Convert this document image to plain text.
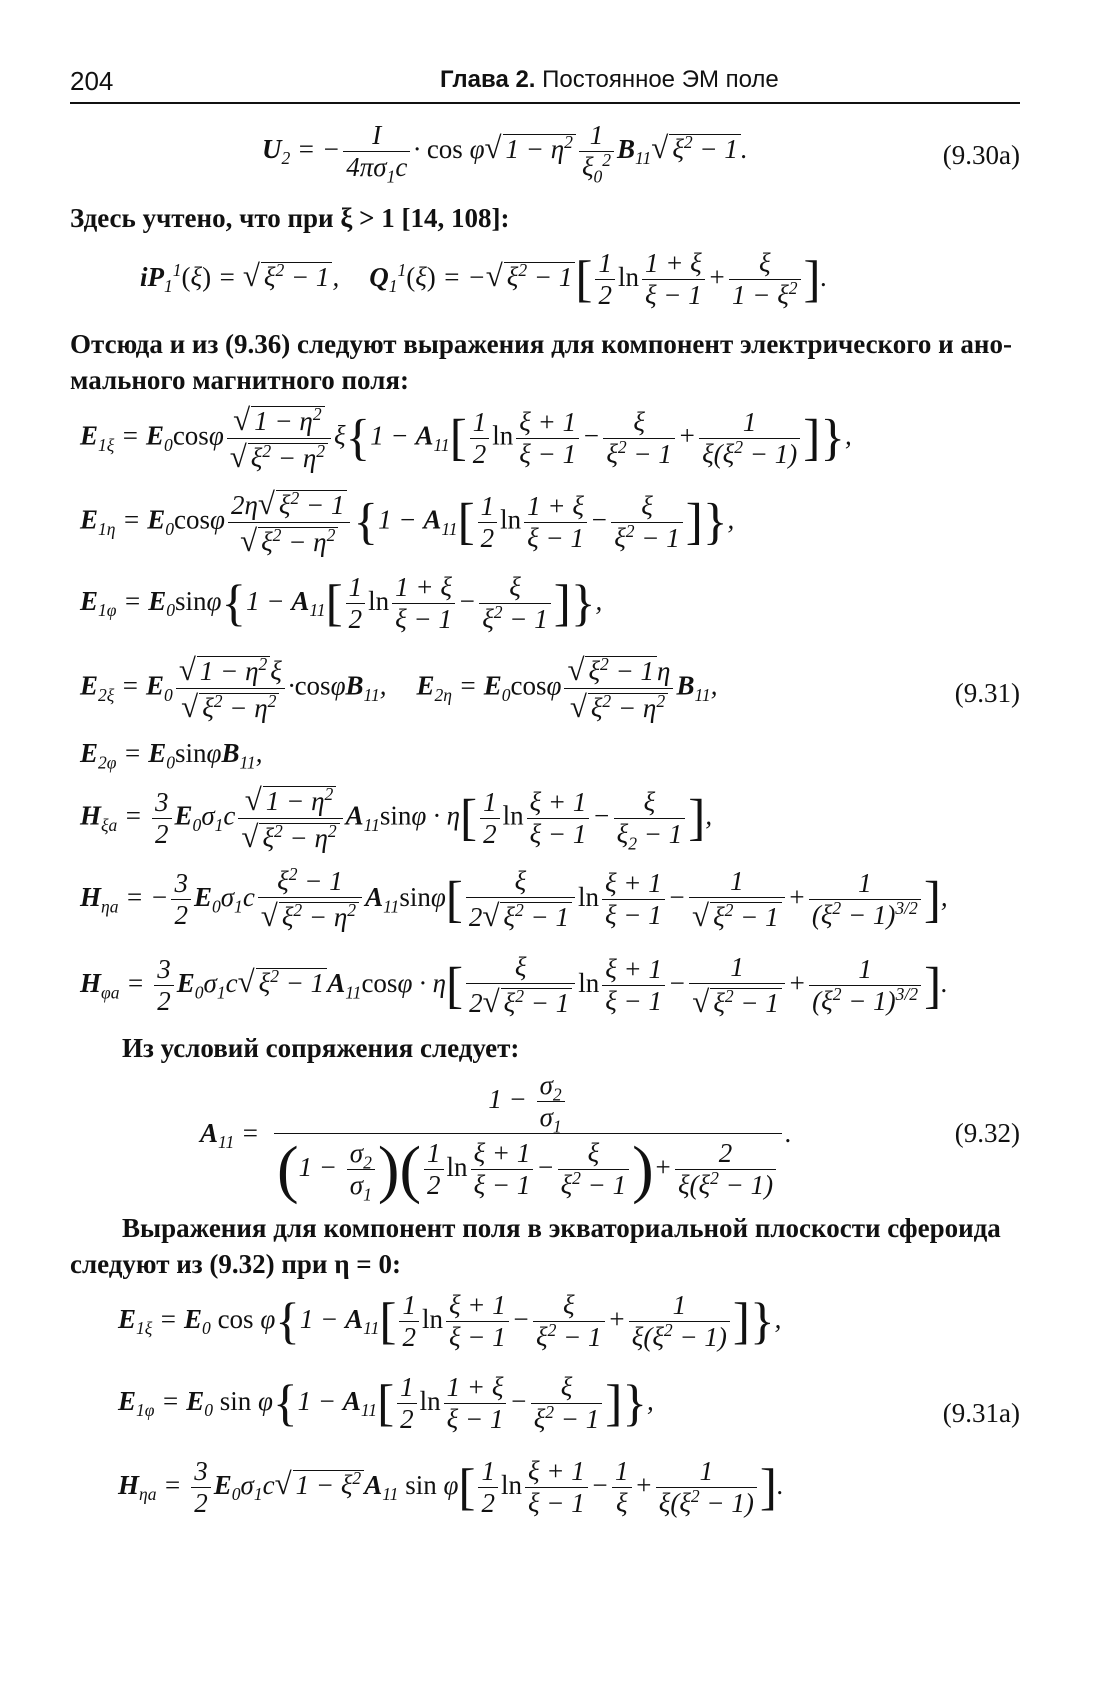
204	Глава 2. Постоянное ЭМ поле
$U_2$ = − $\frac{I}{4\pi\sigma_1c} \cdot \cos \varphi√$ $1 - \eta^2 \frac{1}{\xi_0^2} B_{11}√$ $\xi^2 - 1$ .	(9.30a)
Здесь учтено, что при ξ > 1 [14, 108]:
$iP_1^1(\xi)$ = √ $\xi^2 - 1$ , $Q_1^1(\xi)$ = −√ $\xi^2 - 1[ \frac{1}{2}$ $\ln \frac{1 + \xi}{\xi - 1} + \frac{\xi}{1 - \xi^2}$ ].
Отсюда и из (9.36) следуют выражения для компонент электрического и ано-
мального магнитного поля:
$E_{1\xi} = E_0\cos\varphi \frac{√ 1 - \eta^2}{√ \xi^2 - \eta^2} \xi\{1 - A_{11}[ \frac{1}{2}$ $\ln \frac{\xi + 1}{\xi - 1} - \frac{\xi}{\xi^2 - 1} + \frac{1}{\xi(\xi^2 - 1)}$ ]},
$E_{1\eta} = E_0\cos\varphi \frac{2\eta√ \xi^2 - 1}{√ \xi^2 - \eta^2} \{1 - A_{11}[ \frac{1}{2}$ $\ln \frac{1 + \xi}{\xi - 1} - \frac{\xi}{\xi^2 - 1}$ ]},
$E_{1\varphi} = E_0\sin\varphi\{1 - A_{11}[ \frac{1}{2}$ $\ln \frac{1 + \xi}{\xi - 1} - \frac{\xi}{\xi^2 - 1}$ ]},
$E_{2\xi} = E_0 \frac{√ 1 - \eta^2 \xi}{√ \xi^2 - \eta^2} \cdot\cos\varphi B_{11}$, $E_{2\eta} = E_0\cos\varphi \frac{√ \xi^2 - 1 \eta}{√ \xi^2 - \eta^2} B_{11}$,	(9.31)
$E_{2\varphi} = E_0\sin\varphi B_{11}$,
$H_{\xi a} = \frac{3}{2} E_0\sigma_1c \frac{√ 1 - \eta^2}{√ \xi^2 - \eta^2} A_{11}\sin\varphi \cdot \eta[ \frac{1}{2}$ $\ln \frac{\xi + 1}{\xi - 1} - \frac{\xi}{\xi_2 - 1}$ ],
$H_{\eta a}$ = − $\frac{3}{2} E_0\sigma_1c \frac{\xi^2 - 1}{√ \xi^2 - \eta^2} A_{11}\sin\varphi[ \frac{\xi}{2√ \xi^2 - 1}$ $\ln \frac{\xi + 1}{\xi - 1} - \frac{1}{√ \xi^2 - 1} + \frac{1}{(\xi^2 - 1)^{3/2}}$ ],
$H_{\varphi a} = \frac{3}{2} E_0\sigma_1c√$ $\xi^2 - 1$ $A_{11}\cos\varphi \cdot \eta[ \frac{\xi}{2√ \xi^2 - 1}$ $\ln \frac{\xi + 1}{\xi - 1} - \frac{1}{√ \xi^2 - 1} + \frac{1}{(\xi^2 - 1)^{3/2}}$ ].
Из условий сопряжения следует:
$A_{11} = \frac{1 - \frac{\sigma_2}{\sigma_1}}{(1 - \frac{\sigma_2}{\sigma_1} )( \frac{1}{2} \ln \frac{\xi + 1}{\xi - 1} - \frac{\xi}{\xi^2 - 1} )+ \frac{2}{\xi(\xi^2 - 1)}}$ .	(9.32)
Выражения для компонент поля в экваториальной плоскости сфероида
следуют из (9.32) при η = 0:
$E_{1\xi} = E_0$ $\cos \varphi\{1 - A_{11}[ \frac{1}{2}$ $\ln \frac{\xi + 1}{\xi - 1} - \frac{\xi}{\xi^2 - 1} + \frac{1}{\xi(\xi^2 - 1)}$ ]},
$E_{1\varphi} = E_0$ $\sin \varphi\{1 - A_{11}[ \frac{1}{2}$ $\ln \frac{1 + \xi}{\xi - 1} - \frac{\xi}{\xi^2 - 1}$ ]},	(9.31a)
$H_{\eta a} = \frac{3}{2} E_0\sigma_1c√$ $1 - \xi^2$ $A_{11}$ $\sin \varphi[ \frac{1}{2}$ $\ln \frac{\xi + 1}{\xi - 1} - \frac{1}{\xi} + \frac{1}{\xi(\xi^2 - 1)}$ ].
